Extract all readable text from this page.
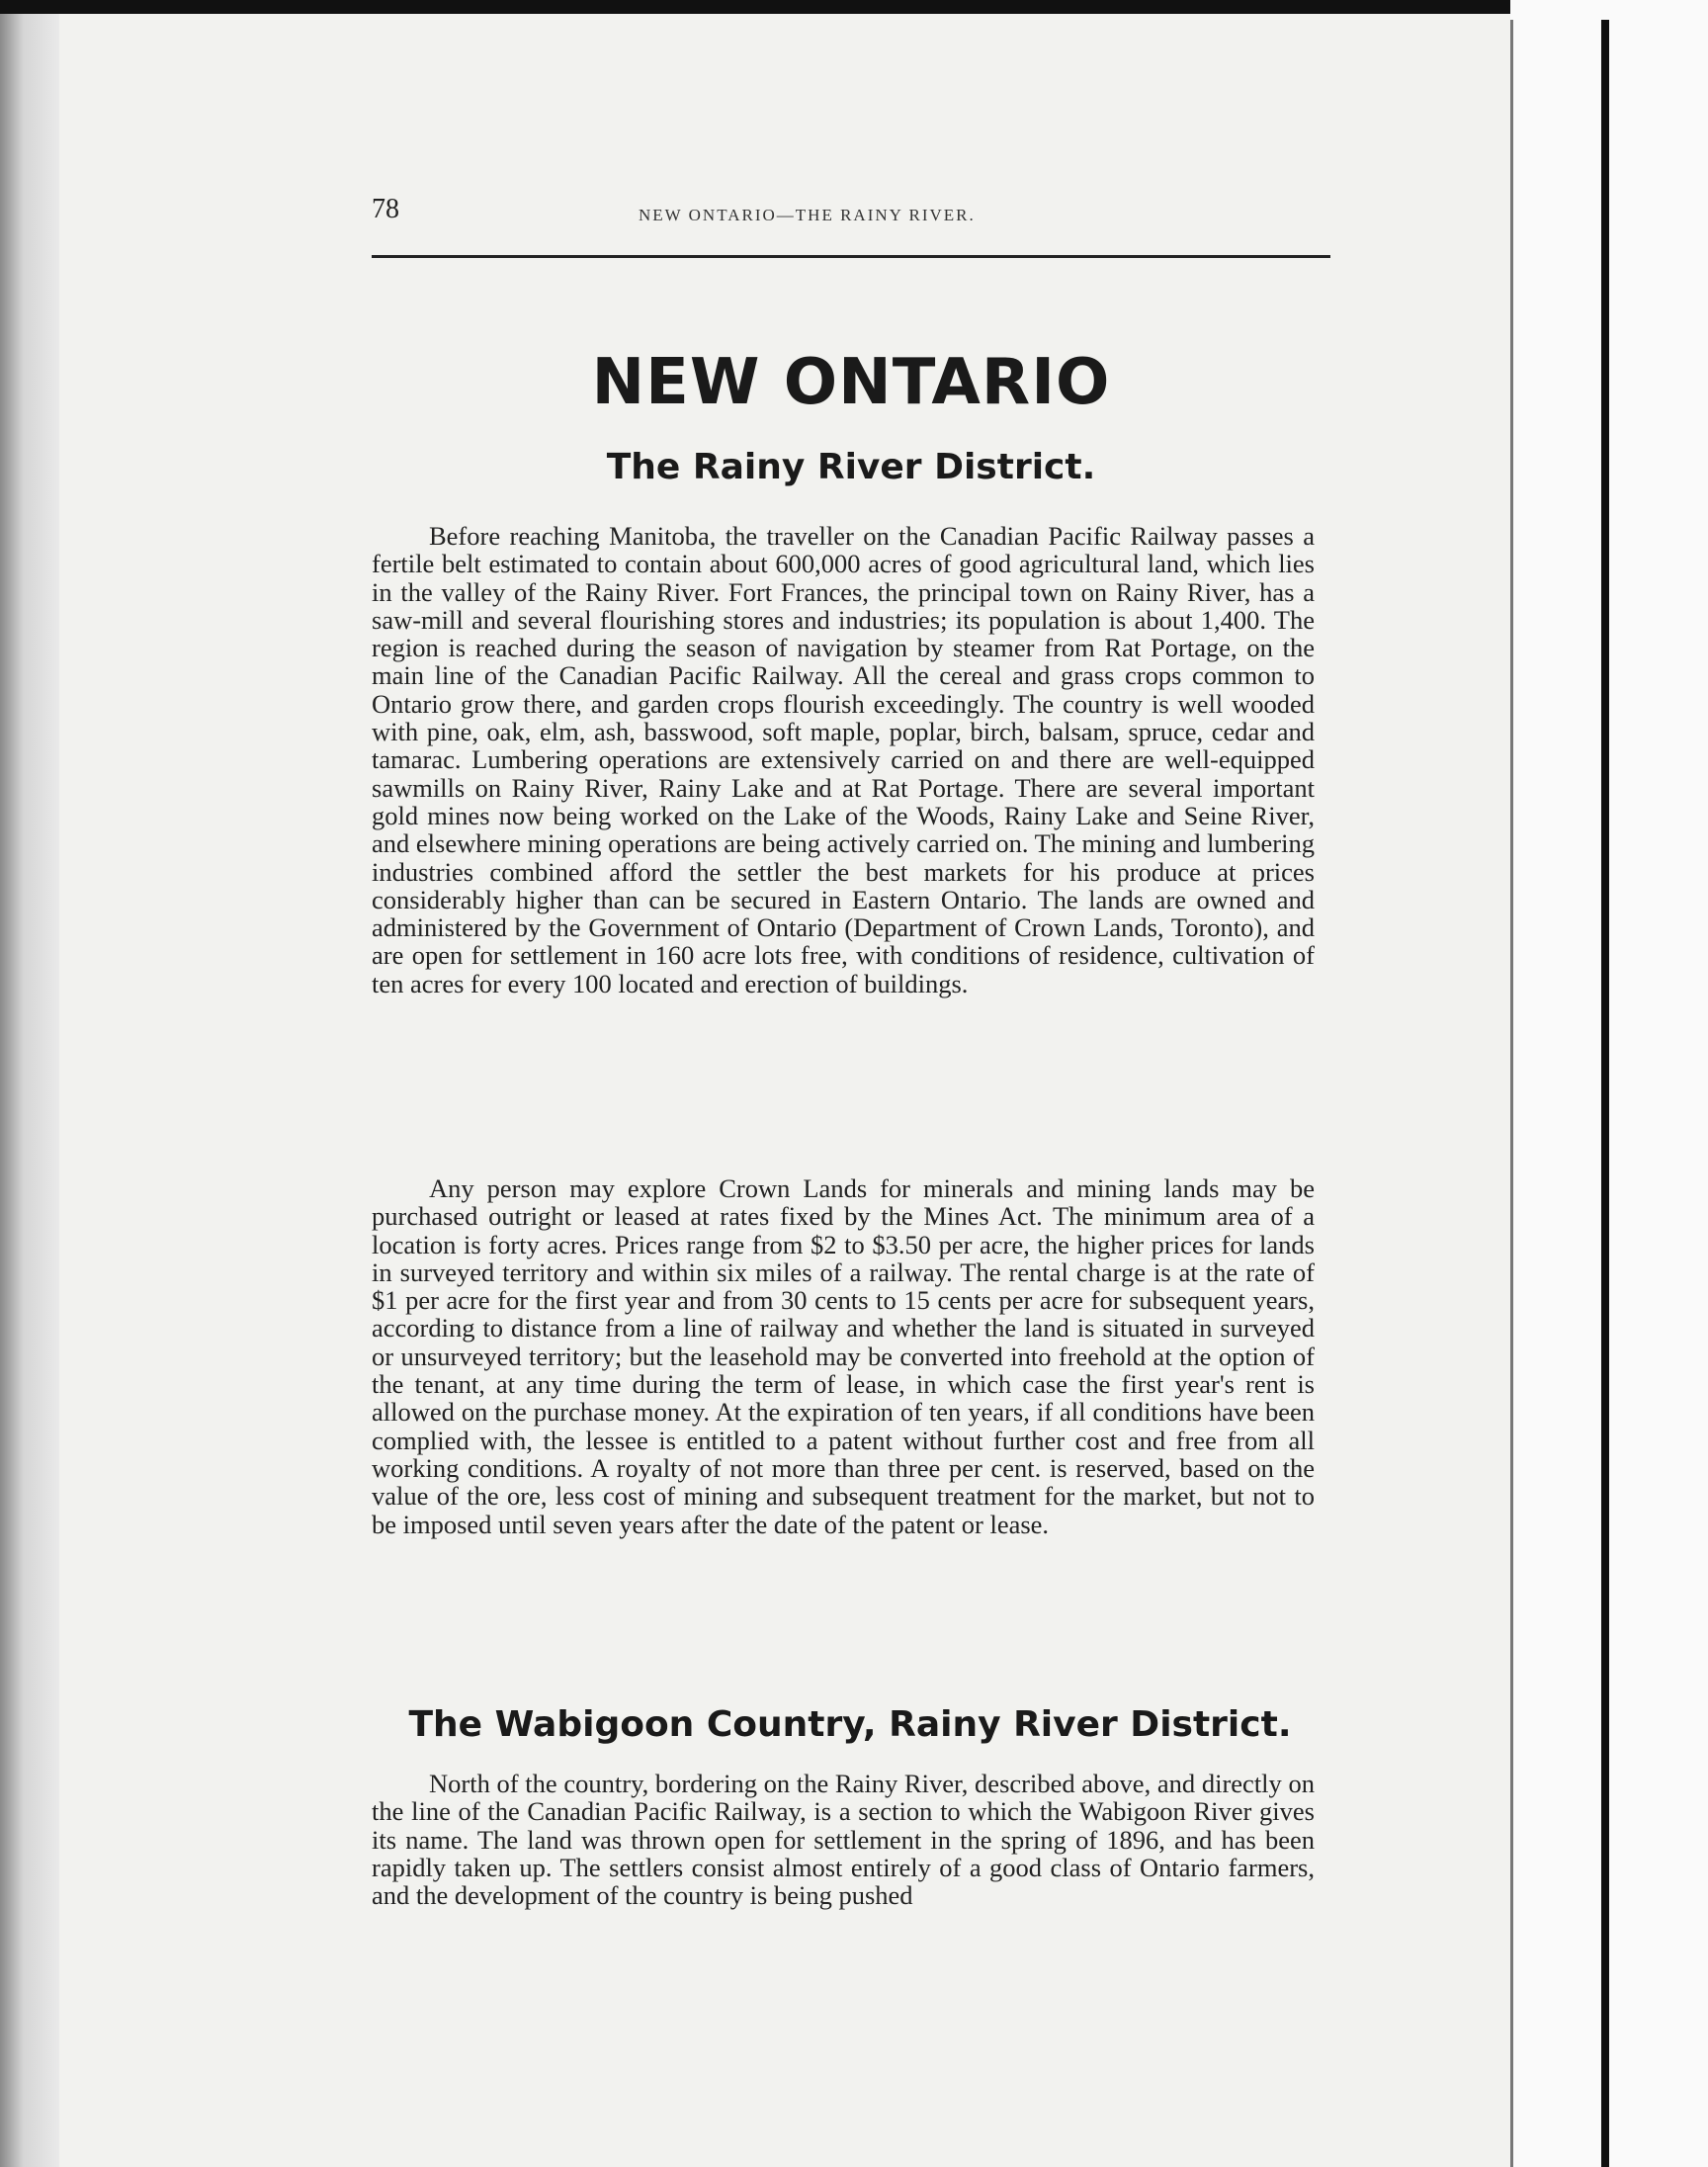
78	NEW ONTARIO—THE RAINY RIVER.
NEW ONTARIO
The Rainy River District.

Before reaching Manitoba, the traveller on the Canadian Pacific Railway passes a fertile belt estimated to contain about 600,000 acres of good agricultural land, which lies in the valley of the Rainy River. Fort Frances, the principal town on Rainy River, has a saw-mill and several flourishing stores and industries; its population is about 1,400. The region is reached during the season of navigation by steamer from Rat Portage, on the main line of the Canadian Pacific Railway. All the cereal and grass crops common to Ontario grow there, and garden crops flourish exceedingly. The country is well wooded with pine, oak, elm, ash, basswood, soft maple, poplar, birch, balsam, spruce, cedar and tamarac. Lumbering operations are extensively carried on and there are well-equipped sawmills on Rainy River, Rainy Lake and at Rat Portage. There are several important gold mines now being worked on the Lake of the Woods, Rainy Lake and Seine River, and elsewhere mining operations are being actively carried on. The mining and lumbering industries combined afford the settler the best markets for his produce at prices considerably higher than can be secured in Eastern Ontario. The lands are owned and administered by the Government of Ontario (Department of Crown Lands, Toronto), and are open for settlement in 160 acre lots free, with conditions of residence, cultivation of ten acres for every 100 located and erection of buildings.

Any person may explore Crown Lands for minerals and mining lands may be purchased outright or leased at rates fixed by the Mines Act. The minimum area of a location is forty acres. Prices range from $2 to $3.50 per acre, the higher prices for lands in surveyed territory and within six miles of a railway. The rental charge is at the rate of $1 per acre for the first year and from 30 cents to 15 cents per acre for subsequent years, according to distance from a line of railway and whether the land is situated in surveyed or unsurveyed territory; but the leasehold may be converted into freehold at the option of the tenant, at any time during the term of lease, in which case the first year's rent is allowed on the purchase money. At the expiration of ten years, if all conditions have been complied with, the lessee is entitled to a patent without further cost and free from all working conditions. A royalty of not more than three per cent. is reserved, based on the value of the ore, less cost of mining and subsequent treatment for the market, but not to be imposed until seven years after the date of the patent or lease.

The Wabigoon Country, Rainy River District.

North of the country, bordering on the Rainy River, described above, and directly on the line of the Canadian Pacific Railway, is a section to which the Wabigoon River gives its name. The land was thrown open for settlement in the spring of 1896, and has been rapidly taken up. The settlers consist almost entirely of a good class of Ontario farmers, and the development of the country is being pushed
